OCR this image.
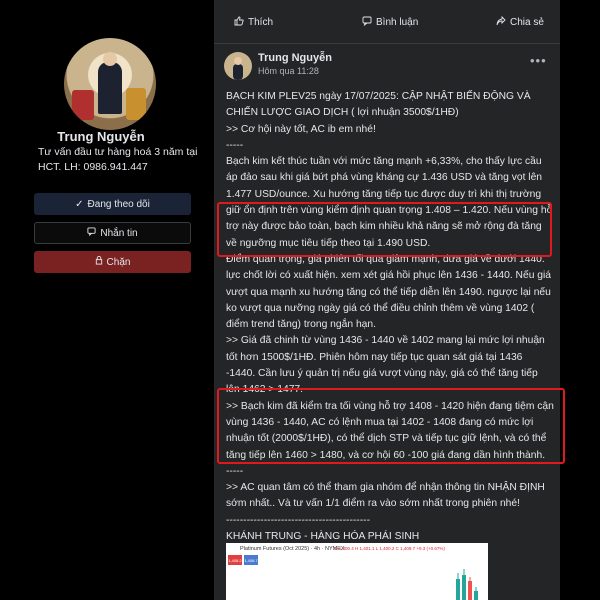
Trung Nguyễn
Tư vấn đầu tư hàng hoá 3 năm tại HCT. LH: 0986.941.447
✓ Đang theo dõi
Nhắn tin
Chặn
Thích	Bình luận	Chia sẻ
Trung Nguyễn
Hôm qua 11:28
•••

BẠCH KIM PLEV25 ngày 17/07/2025: CẬP NHẬT BIẾN ĐỘNG VÀ CHIẾN LƯỢC GIAO DỊCH ( lợi nhuận 3500$/1HĐ)

>> Cơ hội này tốt, AC ib em nhé!

-----

Bạch kim kết thúc tuần với mức tăng mạnh +6,33%, cho thấy lực cầu áp đảo sau khi giá bứt phá vùng kháng cự 1.436 USD và tăng vọt lên 1.477 USD/ounce. Xu hướng tăng tiếp tục được duy trì khi thị trường giữ ổn định trên vùng kiểm định quan trọng 1.408 – 1.420. Nếu vùng hỗ trợ này được bảo toàn, bạch kim nhiều khả năng sẽ mở rộng đà tăng về ngưỡng mục tiêu tiếp theo tại 1.490 USD.

Điểm quan trọng, giá phiên tối qua giảm mạnh, đưa giá về dưới 1440. lực chốt lời có xuất hiện. xem xét giá hồi phục lên 1436 - 1440. Nếu giá vượt qua mạnh xu hướng tăng có thể tiếp diễn lên 1490. ngược lại nếu ko vượt qua nưỡng ngày giá có thể điều chỉnh thêm về vùng 1402 ( điểm trend tăng) trong ngắn hạn.

>> Giá đã chinh từ vùng 1436 - 1440 về 1402 mang lại mức lợi nhuận tốt hơn 1500$/1HĐ. Phiên hôm nay tiếp tục quan sát giá tại 1436 -1440. Cần lưu ý quản trị nếu giá vượt vùng này, giá có thể tăng tiếp lên 1462 > 1477.

>> Bạch kim đã kiểm tra tối vùng hỗ trợ 1408 - 1420 hiện đang tiệm cận vùng 1436 - 1440, AC có lệnh mua tại 1402 - 1408 đang có mức lợi nhuận tốt (2000$/1HĐ), có thể dịch STP và tiếp tục giữ lệnh, và có thể tăng tiếp lên 1460 > 1480, và cơ hội 60 -100 giá đang dần hình thành.

-----

>> AC quan tâm có thể tham gia nhóm để nhận thông tin NHẬN ĐỊNH sớm nhất.. Và tư vấn 1/1 điểm ra vào sớm nhất trong phiên nhé!

------------------------------------------

KHÁNH TRUNG - HÀNG HÓA PHÁI SINH

1,408.2 1,408.7
Platinum Futures (Oct 2025) · 4h · NYMEX
O 1,400.4 H 1,401.1 L 1,400.2 C 1,409.7 +9.3 (+0.67%)
